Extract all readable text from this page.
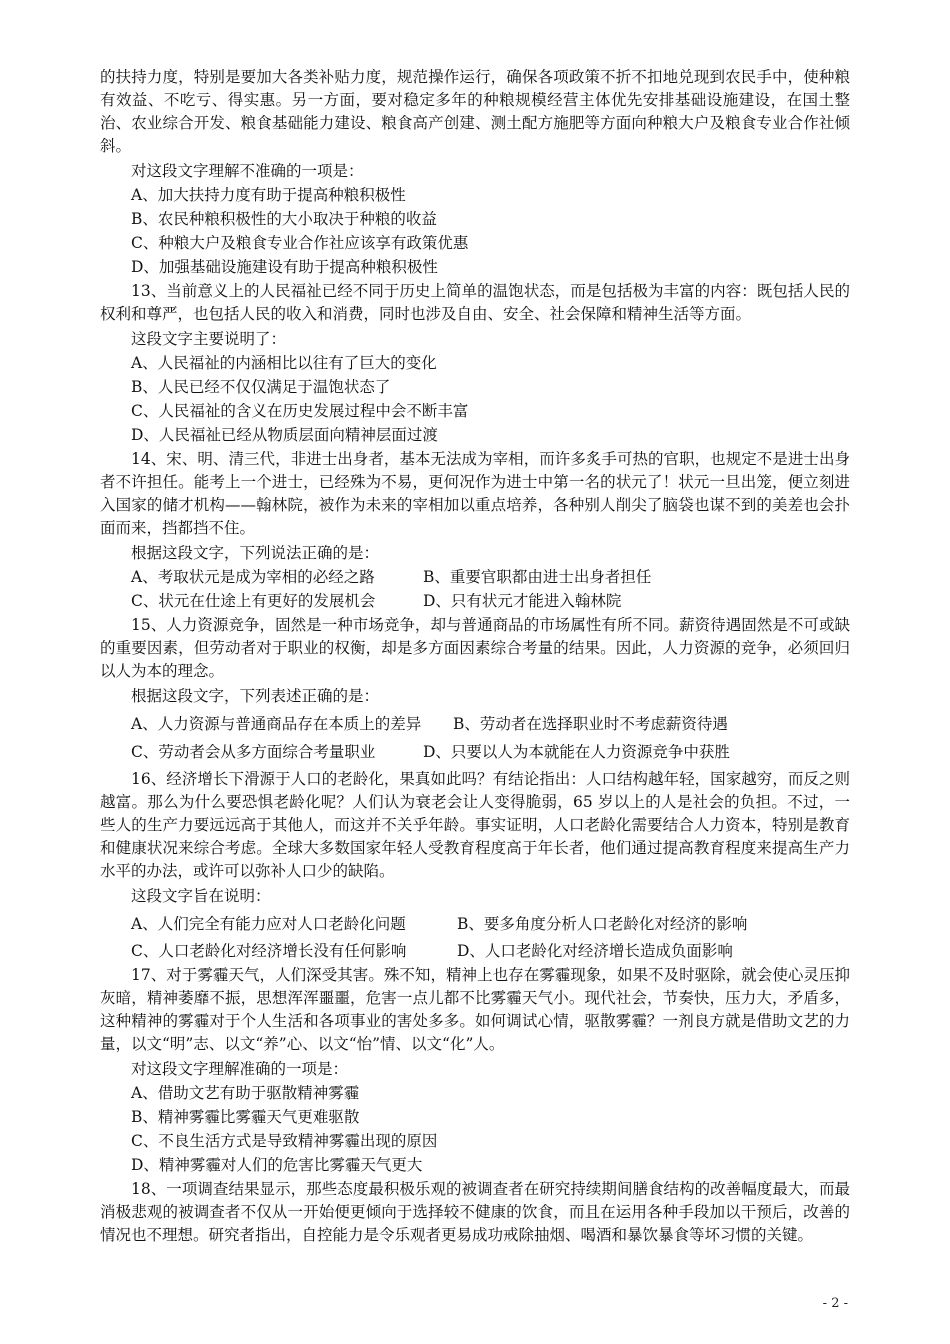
的扶持力度，特别是要加大各类补贴力度，规范操作运行，确保各项政策不折不扣地兑现到农民手中，使种粮有效益、不吃亏、得实惠。另一方面，要对稳定多年的种粮规模经营主体优先安排基础设施建设，在国土整治、农业综合开发、粮食基础能力建设、粮食高产创建、测土配方施肥等方面向种粮大户及粮食专业合作社倾斜。

对这段文字理解不准确的一项是：
A、加大扶持力度有助于提高种粮积极性
B、农民种粮积极性的大小取决于种粮的收益
C、种粮大户及粮食专业合作社应该享有政策优惠
D、加强基础设施建设有助于提高种粮积极性

13、当前意义上的人民福祉已经不同于历史上简单的温饱状态，而是包括极为丰富的内容：既包括人民的权利和尊严，也包括人民的收入和消费，同时也涉及自由、安全、社会保障和精神生活等方面。

这段文字主要说明了：
A、人民福祉的内涵相比以往有了巨大的变化
B、人民已经不仅仅满足于温饱状态了
C、人民福祉的含义在历史发展过程中会不断丰富
D、人民福祉已经从物质层面向精神层面过渡

14、宋、明、清三代，非进士出身者，基本无法成为宰相，而许多炙手可热的官职，也规定不是进士出身者不许担任。能考上一个进士，已经殊为不易，更何况作为进士中第一名的状元了！状元一旦出笼，便立刻进入国家的储才机构——翰林院，被作为未来的宰相加以重点培养，各种别人削尖了脑袋也谋不到的美差也会扑面而来，挡都挡不住。

根据这段文字，下列说法正确的是：
A、考取状元是成为宰相的必经之路	B、重要官职都由进士出身者担任
C、状元在仕途上有更好的发展机会	D、只有状元才能进入翰林院

15、人力资源竞争，固然是一种市场竞争，却与普通商品的市场属性有所不同。薪资待遇固然是不可或缺的重要因素，但劳动者对于职业的权衡，却是多方面因素综合考量的结果。因此，人力资源的竞争，必须回归以人为本的理念。

根据这段文字，下列表述正确的是：
A、人力资源与普通商品存在本质上的差异	B、劳动者在选择职业时不考虑薪资待遇
C、劳动者会从多方面综合考量职业	D、只要以人为本就能在人力资源竞争中获胜

16、经济增长下滑源于人口的老龄化，果真如此吗？有结论指出：人口结构越年轻，国家越穷，而反之则越富。那么为什么要恐惧老龄化呢？人们认为衰老会让人变得脆弱，65 岁以上的人是社会的负担。不过，一些人的生产力要远远高于其他人，而这并不关乎年龄。事实证明，人口老龄化需要结合人力资本，特别是教育和健康状况来综合考虑。全球大多数国家年轻人受教育程度高于年长者，他们通过提高教育程度来提高生产力水平的办法，或许可以弥补人口少的缺陷。

这段文字旨在说明：
A、人们完全有能力应对人口老龄化问题	B、要多角度分析人口老龄化对经济的影响
C、人口老龄化对经济增长没有任何影响	D、人口老龄化对经济增长造成负面影响

17、对于雾霾天气，人们深受其害。殊不知，精神上也存在雾霾现象，如果不及时驱除，就会使心灵压抑灰暗，精神萎靡不振，思想浑浑噩噩，危害一点儿都不比雾霾天气小。现代社会，节奏快，压力大，矛盾多，这种精神的雾霾对于个人生活和各项事业的害处多多。如何调试心情，驱散雾霾？一剂良方就是借助文艺的力量，以文“明”志、以文“养”心、以文“怡”情、以文“化”人。

对这段文字理解准确的一项是：
A、借助文艺有助于驱散精神雾霾
B、精神雾霾比雾霾天气更难驱散
C、不良生活方式是导致精神雾霾出现的原因
D、精神雾霾对人们的危害比雾霾天气更大

18、一项调查结果显示，那些态度最积极乐观的被调查者在研究持续期间膳食结构的改善幅度最大，而最消极悲观的被调查者不仅从一开始便更倾向于选择较不健康的饮食，而且在运用各种手段加以干预后，改善的情况也不理想。研究者指出，自控能力是令乐观者更易成功戒除抽烟、喝酒和暴饮暴食等坏习惯的关键。

- 2 -
